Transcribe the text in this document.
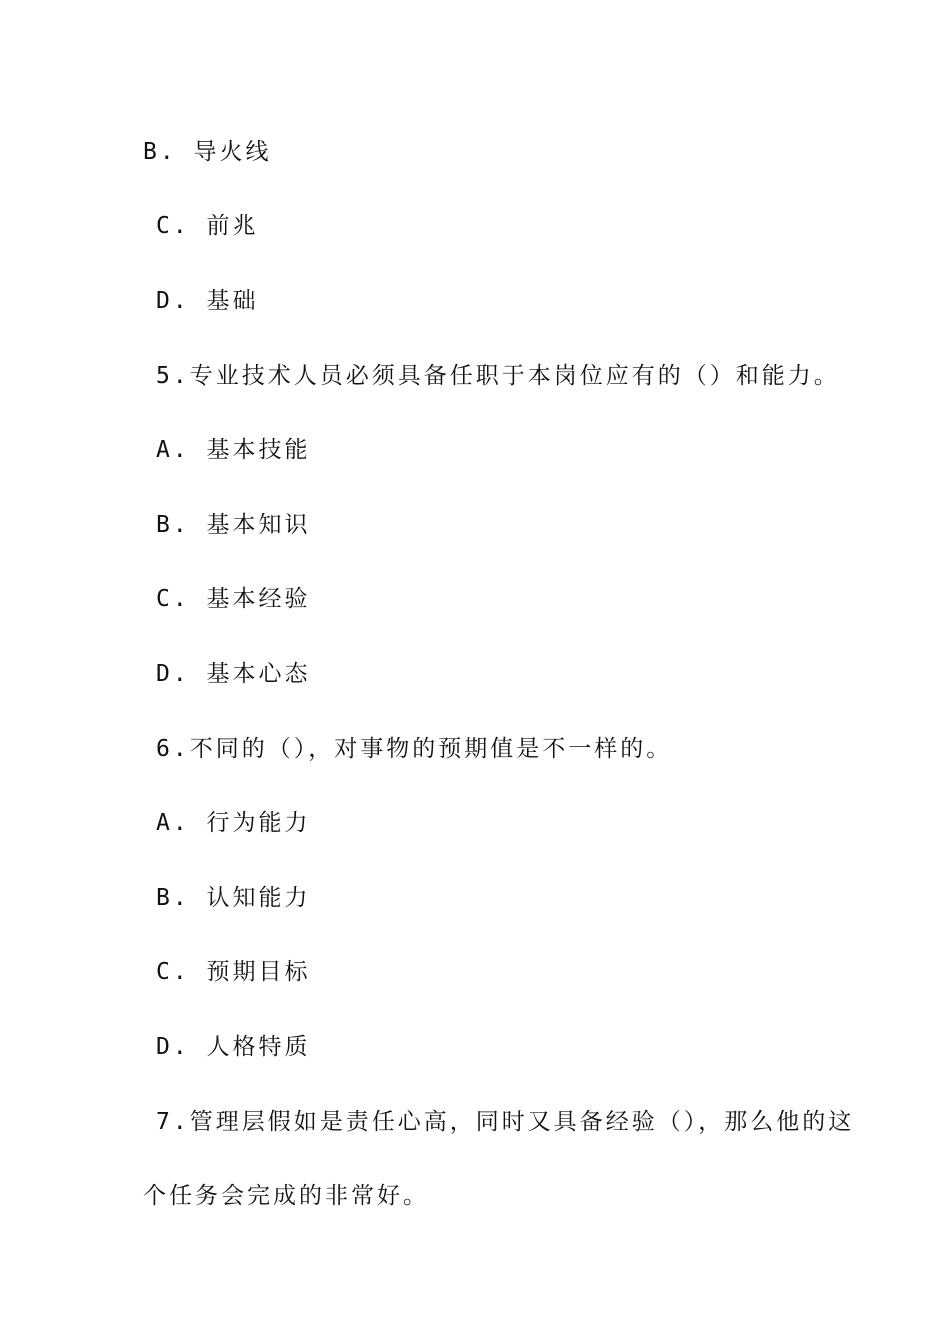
B. 导火线
C. 前兆
D. 基础
5.专业技术人员必须具备任职于本岗位应有的（）和能力。
A. 基本技能
B. 基本知识
C. 基本经验
D. 基本心态
6.不同的（），对事物的预期值是不一样的。
A. 行为能力
B. 认知能力
C. 预期目标
D. 人格特质
7.管理层假如是责任心高，同时又具备经验（），那么他的这
个任务会完成的非常好。
